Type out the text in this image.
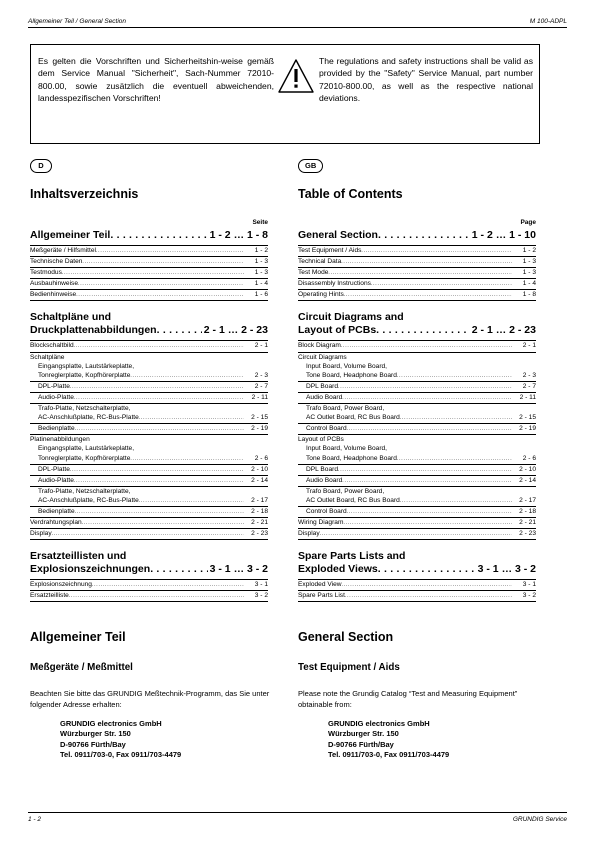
Allgemeiner Teil / General Section	M 100-ADPL
Es gelten die Vorschriften und Sicherheitshin-weise gemäß dem Service Manual "Sicherheit", Sach-Nummer 72010-800.00, sowie zusätzlich die eventuell abweichenden, landesspezifischen Vorschriften!
The regulations and safety instructions shall be valid as provided by the "Safety" Service Manual, part number 72010-800.00, as well as the respective national deviations.
D
Inhaltsverzeichnis
Seite
Allgemeiner Teil . . .	1 - 2 … 1 - 8
Meßgeräte / Hilfsmittel . . .	1 - 2
Technische Daten . . .	1 - 3
Testmodus . . .	1 - 3
Ausbauhinweise . . .	1 - 4
Bedienhinweise . . .	1 - 6
Schaltpläne und
Druckplattenabbildungen . . .	2 - 1 … 2 - 23
Blockschaltbild . . .	2 - 1
Schaltpläne
Eingangsplatte, Lautstärkeplatte,
Tonreglerplatte, Kopfhörerplatte . . .	2 - 3
DPL-Platte . . .	2 - 7
Audio-Platte . . .	2 - 11
Trafo-Platte, Netzschalterplatte,
AC-Anschlußplatte, RC-Bus-Platte . . .	2 - 15
Bedienplatte . . .	2 - 19
Platinenabbildungen
Eingangsplatte, Lautstärkeplatte,
Tonreglerplatte, Kopfhörerplatte . . .	2 - 6
DPL-Platte . . .	2 - 10
Audio-Platte . . .	2 - 14
Trafo-Platte, Netzschalterplatte,
AC-Anschlußplatte, RC-Bus-Platte . . .	2 - 17
Bedienplatte . . .	2 - 18
Verdrahtungsplan . . .	2 - 21
Display . . .	2 - 23
Ersatzteillisten und
Explosionszeichnungen . . .	3 - 1 … 3 - 2
Explosionszeichnung . . .	3 - 1
Ersatzteilliste . . .	3 - 2
GB
Table of Contents
Page
General Section . . .	1 - 2 … 1 - 10
Test Equipment / Aids . . .	1 - 2
Technical Data . . .	1 - 3
Test Mode . . .	1 - 3
Disassembly Instructions . . .	1 - 4
Operating Hints . . .	1 - 8
Circuit Diagrams and
Layout of PCBs . . .	2 - 1 … 2 - 23
Block Diagram . . .	2 - 1
Circuit Diagrams
Input Board, Volume Board,
Tone Board, Headphone Board . . .	2 - 3
DPL Board . . .	2 - 7
Audio Board . . .	2 - 11
Trafo Board, Power Board,
AC Outlet Board, RC Bus Board . . .	2 - 15
Control Board . . .	2 - 19
Layout of PCBs
Input Board, Volume Board,
Tone Board, Headphone Board . . .	2 - 6
DPL Board . . .	2 - 10
Audio Board . . .	2 - 14
Trafo Board, Power Board,
AC Outlet Board, RC Bus Board . . .	2 - 17
Control Board . . .	2 - 18
Wiring Diagram . . .	2 - 21
Display . . .	2 - 23
Spare Parts Lists and
Exploded Views . . .	3 - 1 … 3 - 2
Exploded View . . .	3 - 1
Spare Parts List . . .	3 - 2
Allgemeiner Teil
Meßgeräte / Meßmittel

Beachten Sie bitte das GRUNDIG Meßtechnik-Programm, das Sie unter folgender Adresse erhalten:

GRUNDIG electronics GmbH
Würzburger Str. 150
D-90766 Fürth/Bay
Tel. 0911/703-0, Fax 0911/703-4479
General Section
Test Equipment / Aids

Please note the Grundig Catalog “Test and Measuring Equipment” obtainable from:

GRUNDIG electronics GmbH
Würzburger Str. 150
D-90766 Fürth/Bay
Tel. 0911/703-0, Fax 0911/703-4479
1 - 2	GRUNDIG Service
